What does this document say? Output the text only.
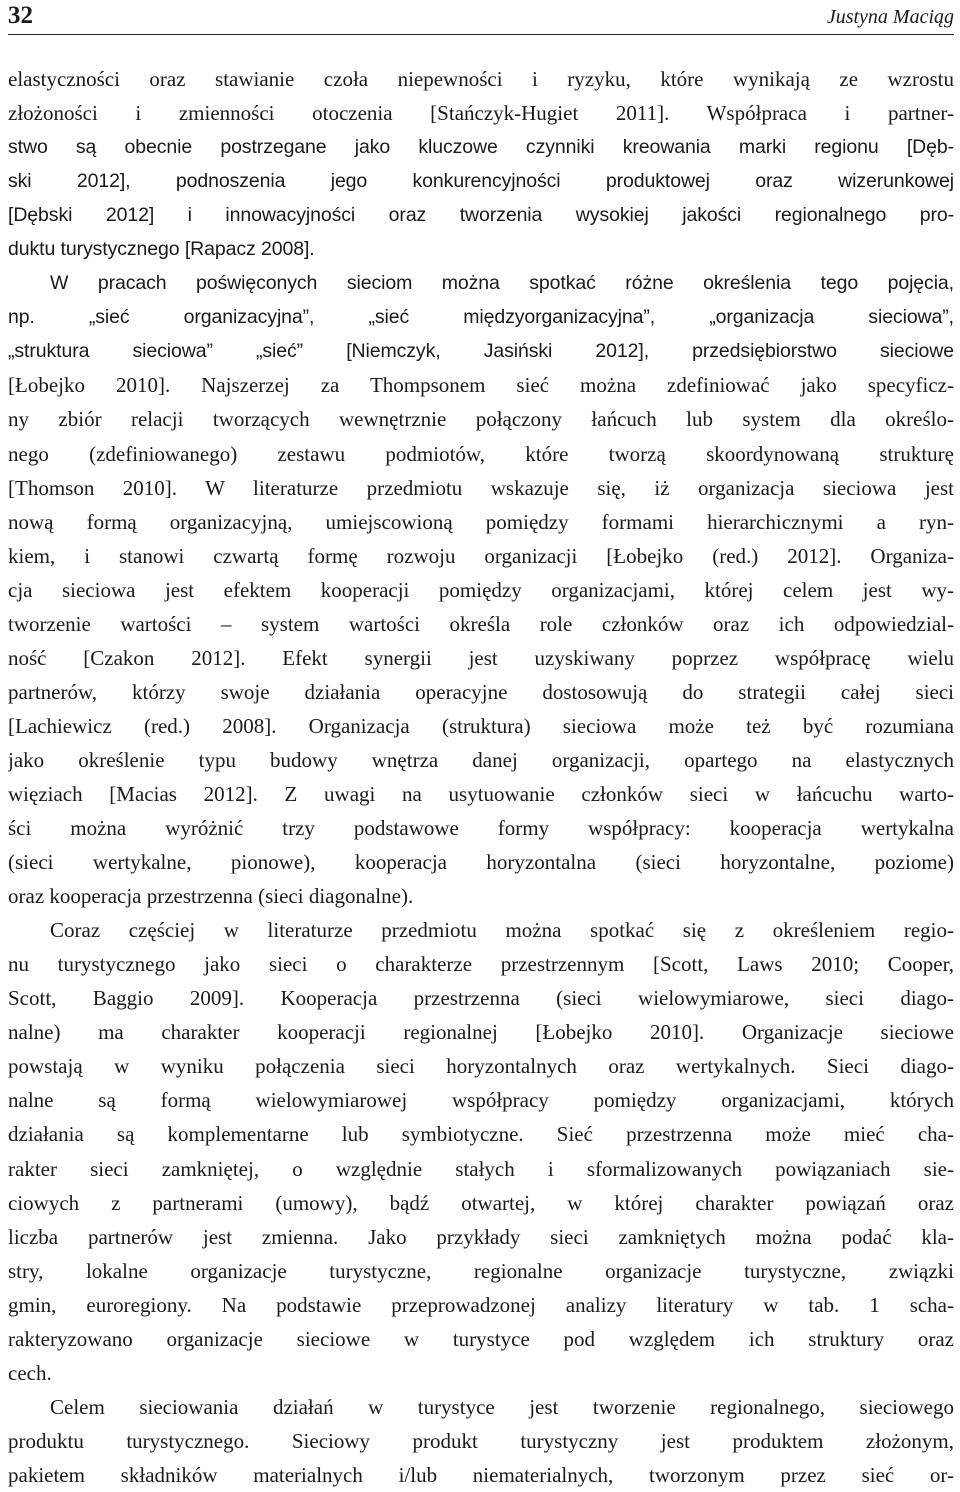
32	Justyna Maciąg
elastyczności oraz stawianie czoła niepewności i ryzyku, które wynikają ze wzrostu
złożoności i zmienności otoczenia [Stańczyk-Hugiet 2011]. Współpraca i partner-
stwo są obecnie postrzegane jako kluczowe czynniki kreowania marki regionu [Dęb-
ski 2012], podnoszenia jego konkurencyjności produktowej oraz wizerunkowej
[Dębski 2012] i innowacyjności oraz tworzenia wysokiej jakości regionalnego pro-
duktu turystycznego [Rapacz 2008].
W pracach poświęconych sieciom można spotkać różne określenia tego pojęcia,
np. „sieć organizacyjna”, „sieć międzyorganizacyjna”, „organizacja sieciowa”,
„struktura sieciowa” „sieć” [Niemczyk, Jasiński 2012], przedsiębiorstwo sieciowe
[Łobejko 2010]. Najszerzej za Thompsonem sieć można zdefiniować jako specyficz-
ny zbiór relacji tworzących wewnętrznie połączony łańcuch lub system dla określo-
nego (zdefiniowanego) zestawu podmiotów, które tworzą skoordynowaną strukturę
[Thomson 2010]. W literaturze przedmiotu wskazuje się, iż organizacja sieciowa jest
nową formą organizacyjną, umiejscowioną pomiędzy formami hierarchicznymi a ryn-
kiem, i stanowi czwartą formę rozwoju organizacji [Łobejko (red.) 2012]. Organiza-
cja sieciowa jest efektem kooperacji pomiędzy organizacjami, której celem jest wy-
tworzenie wartości – system wartości określa role członków oraz ich odpowiedzial-
ność [Czakon 2012]. Efekt synergii jest uzyskiwany poprzez współpracę wielu
partnerów, którzy swoje działania operacyjne dostosowują do strategii całej sieci
[Lachiewicz (red.) 2008]. Organizacja (struktura) sieciowa może też być rozumiana
jako określenie typu budowy wnętrza danej organizacji, opartego na elastycznych
więziach [Macias 2012]. Z uwagi na usytuowanie członków sieci w łańcuchu warto-
ści można wyróżnić trzy podstawowe formy współpracy: kooperacja wertykalna
(sieci wertykalne, pionowe), kooperacja horyzontalna (sieci horyzontalne, poziome)
oraz kooperacja przestrzenna (sieci diagonalne).
Coraz częściej w literaturze przedmiotu można spotkać się z określeniem regio-
nu turystycznego jako sieci o charakterze przestrzennym [Scott, Laws 2010; Cooper,
Scott, Baggio 2009]. Kooperacja przestrzenna (sieci wielowymiarowe, sieci diago-
nalne) ma charakter kooperacji regionalnej [Łobejko 2010]. Organizacje sieciowe
powstają w wyniku połączenia sieci horyzontalnych oraz wertykalnych. Sieci diago-
nalne są formą wielowymiarowej współpracy pomiędzy organizacjami, których
działania są komplementarne lub symbiotyczne. Sieć przestrzenna może mieć cha-
rakter sieci zamkniętej, o względnie stałych i sformalizowanych powiązaniach sie-
ciowych z partnerami (umowy), bądź otwartej, w której charakter powiązań oraz
liczba partnerów jest zmienna. Jako przykłady sieci zamkniętych można podać kla-
stry, lokalne organizacje turystyczne, regionalne organizacje turystyczne, związki
gmin, euroregiony. Na podstawie przeprowadzonej analizy literatury w tab. 1 scha-
rakteryzowano organizacje sieciowe w turystyce pod względem ich struktury oraz
cech.
Celem sieciowania działań w turystyce jest tworzenie regionalnego, sieciowego
produktu turystycznego. Sieciowy produkt turystyczny jest produktem złożonym,
pakietem składników materialnych i/lub niematerialnych, tworzonym przez sieć or-
